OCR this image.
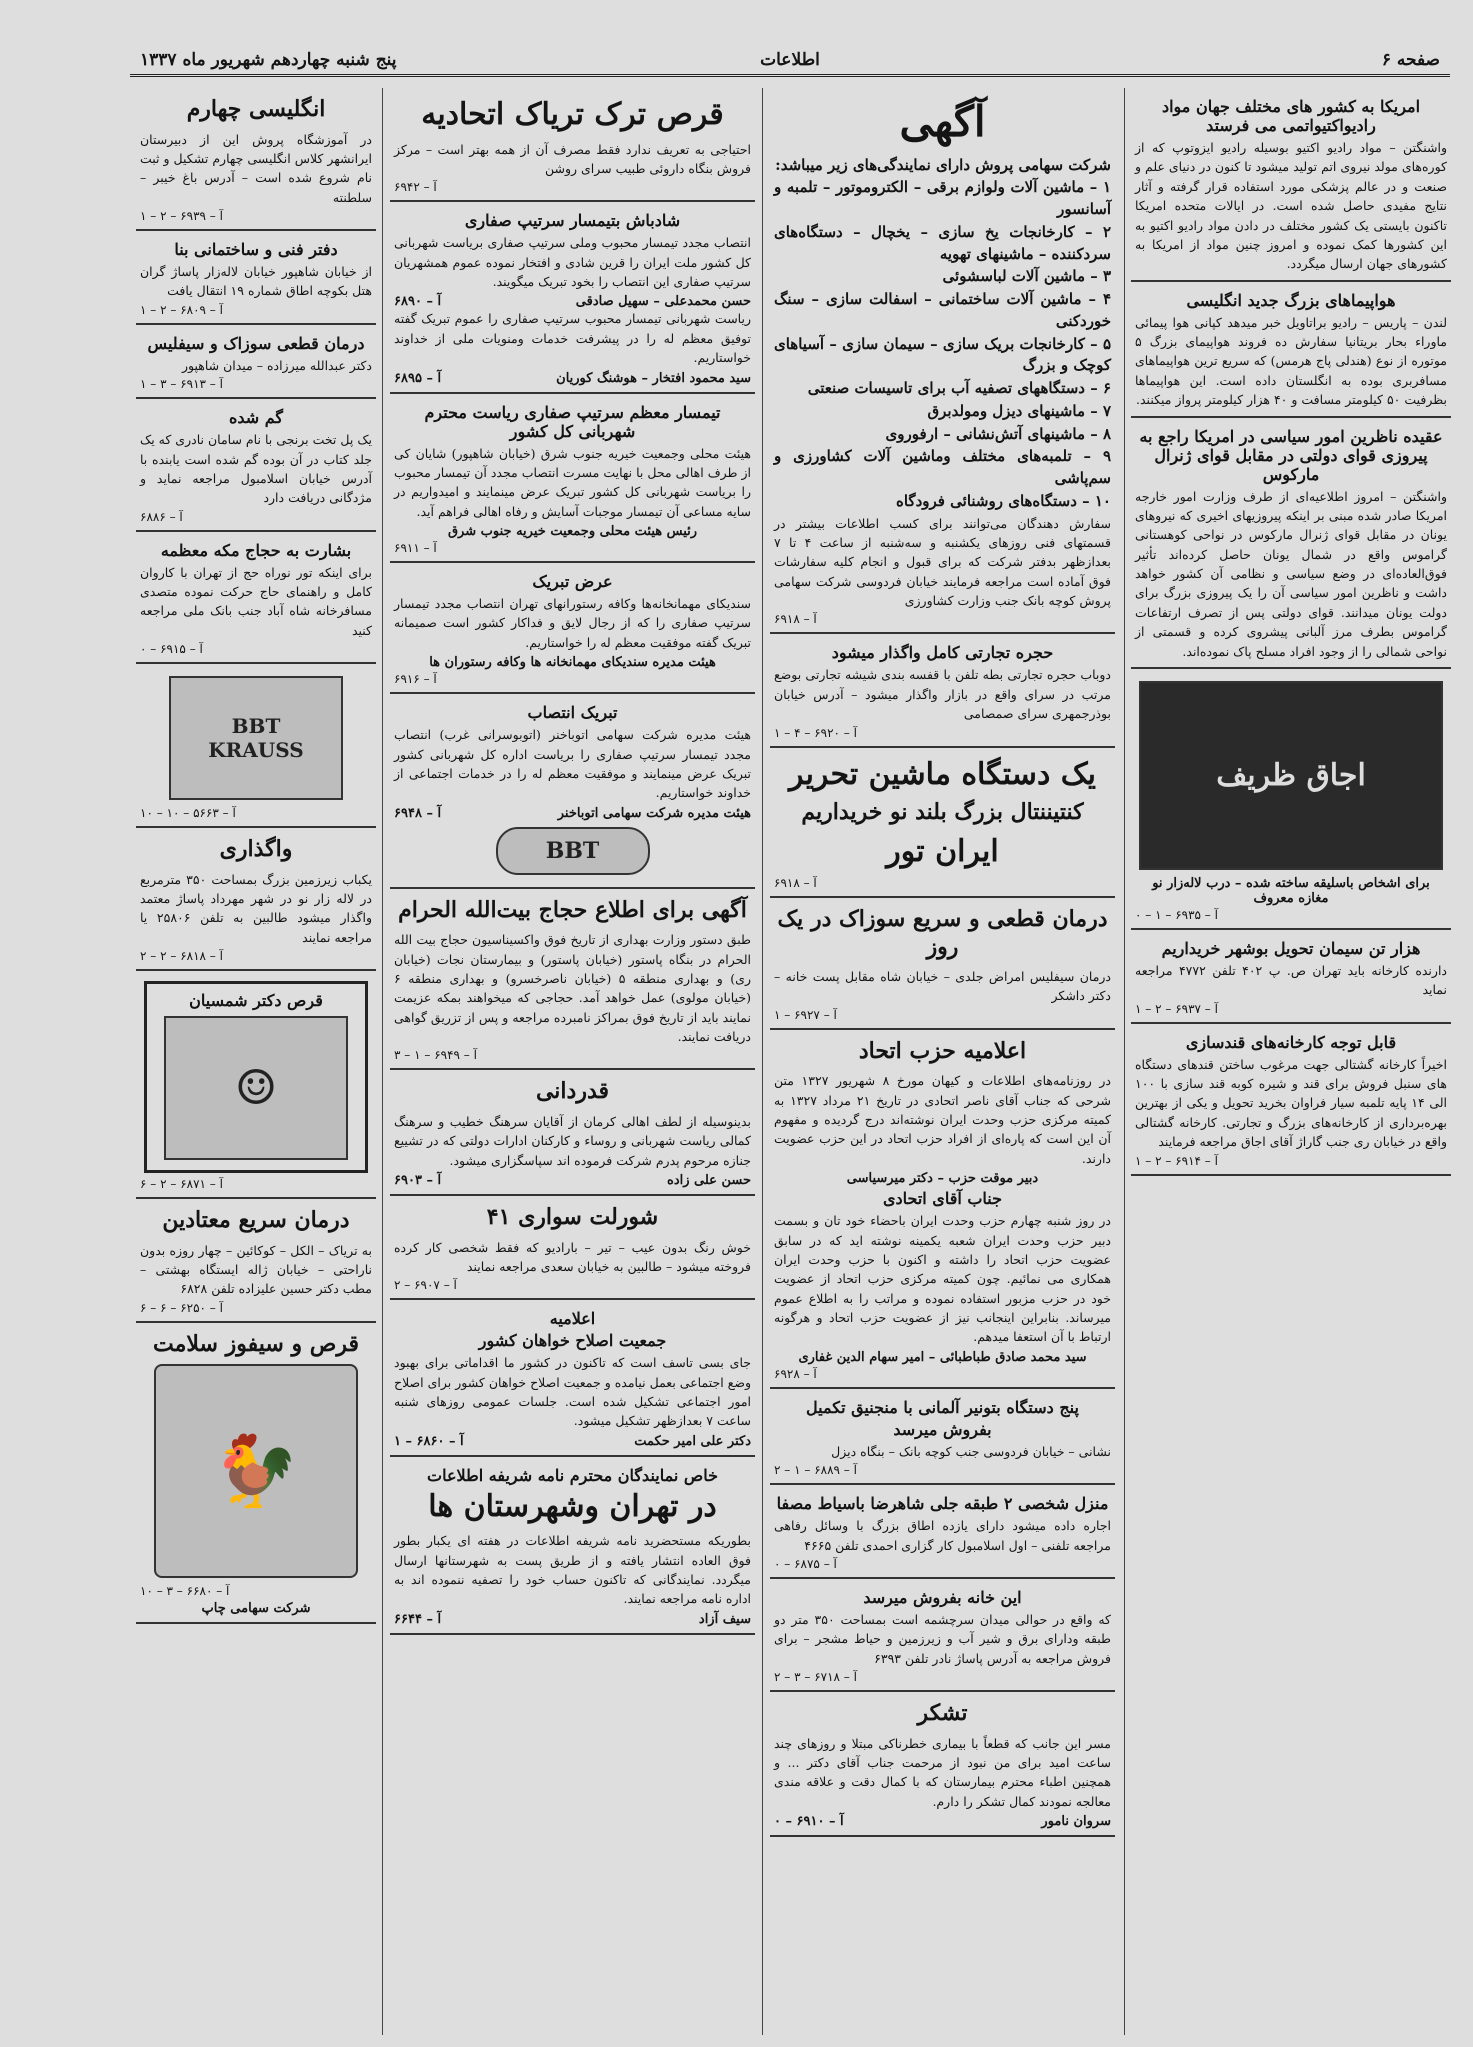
صفحه ۶
اطلاعات
پنج شنبه چهاردهم شهریور ماه ۱۳۳۷
امریکا به کشور های مختلف جهان مواد رادیواکتیواتمی می فرستد

واشنگتن – مواد رادیو اکتیو بوسیله رادیو ایزوتوپ که از کوره‌های مولد نیروی اتم تولید میشود تا کنون در دنیای علم و صنعت و در عالم پزشکی مورد استفاده قرار گرفته و آثار نتایج مفیدی حاصل شده است. در ایالات متحده امریکا تاکنون بایستی یک کشور مختلف در دادن مواد رادیو اکتیو به این کشورها کمک نموده و امروز چنین مواد از امریکا به کشورهای جهان ارسال میگردد.

هواپیماهای بزرگ جدید انگلیسی

لندن – پاریس – رادیو براتاویل خبر میدهد کپانی هوا پیمائی ماوراء بحار بریتانیا سفارش ده فروند هواپیمای بزرگ ۵ موتوره از نوع (هندلی پاج هرمس) که سریع ترین هواپیماهای مسافربری بوده به انگلستان داده است. این هواپیماها بظرفیت ۵۰ کیلومتر مسافت و ۴۰ هزار کیلومتر پرواز میکنند.

عقیده ناظرین امور سیاسی در امریکا راجع به پیروزی قوای دولتی در مقابل قوای ژنرال مارکوس

واشنگتن – امروز اطلاعیه‌ای از طرف وزارت امور خارجه امریکا صادر شده مبنی بر اینکه پیروزیهای اخیری که نیروهای یونان در مقابل قوای ژنرال مارکوس در نواحی کوهستانی گراموس واقع در شمال یونان حاصل کرده‌اند تأثیر فوق‌العاده‌ای در وضع سیاسی و نظامی آن کشور خواهد داشت و ناظرین امور سیاسی آن را یک پیروزی بزرگ برای دولت یونان میدانند. قوای دولتی پس از تصرف ارتفاعات گراموس بطرف مرز آلبانی پیشروی کرده و قسمتی از نواحی شمالی را از وجود افراد مسلح پاک نموده‌اند.

اجاق ظریف
برای اشخاص باسلیقه ساخته شده – درب لاله‌زار نو مغازه معروف
آ – ۶۹۳۵ – ۱ – ۰
هزار تن سیمان تحویل بوشهر خریداریم

دارنده کارخانه باید تهران ص. پ ۴۰۲ تلفن ۴۷۷۲ مراجعه نماید

آ – ۶۹۳۷ – ۲ – ۱
قابل توجه کارخانه‌های قندسازی

اخیراً کارخانه گشتالی جهت مرغوب ساختن قندهای دستگاه های سنبل فروش برای قند و شیره کوبه قند سازی با ۱۰۰ الی ۱۴ پایه تلمبه سیار فراوان بخرید تحویل و یکی از بهترین بهره‌برداری از کارخانه‌های بزرگ و تجارتی. کارخانه گشتالی واقع در خیابان ری جنب گاراژ آقای اجاق مراجعه فرمایند

آ – ۶۹۱۴ – ۲ – ۱
آگهی

شرکت سهامی پروش دارای نمایندگی‌های زیر میباشد:

۱ – ماشین آلات ولوازم برقی – الکتروموتور – تلمبه و آسانسور

۲ – کارخانجات یخ سازی – یخچال – دستگاه‌های سردکننده – ماشینهای تهویه

۳ – ماشین آلات لباسشوئی

۴ – ماشین آلات ساختمانی – اسفالت سازی – سنگ خوردکنی

۵ – کارخانجات بریک سازی – سیمان سازی – آسیاهای کوچک و بزرگ

۶ – دستگاههای تصفیه آب برای تاسیسات صنعتی

۷ – ماشینهای دیزل ومولدبرق

۸ – ماشینهای آتش‌نشانی – ارفوروی

۹ – تلمبه‌های مختلف وماشین آلات کشاورزی و سم‌پاشی

۱۰ – دستگاه‌های روشنائی فرودگاه

سفارش دهندگان می‌توانند برای کسب اطلاعات بیشتر در قسمتهای فنی روزهای یکشنبه و سه‌شنبه از ساعت ۴ تا ۷ بعدازظهر بدفتر شرکت که برای قبول و انجام کلیه سفارشات فوق آماده است مراجعه فرمایند خیابان فردوسی شرکت سهامی پروش کوچه بانک جنب وزارت کشاورزی

آ – ۶۹۱۸
حجره تجارتی کامل واگذار میشود

دوباب حجره تجارتی بطه تلفن با قفسه بندی شیشه تجارتی بوضع مرتب در سرای واقع در بازار واگذار میشود – آدرس خیابان بوذرجمهری سرای صمصامی

آ – ۶۹۲۰ – ۴ – ۱
یک دستگاه ماشین تحریر
کنتیننتال بزرگ بلند نو خریداریم
ایران تور
آ – ۶۹۱۸
درمان قطعی و سریع سوزاک در یک روز

درمان سیفلیس امراض جلدی – خیابان شاه مقابل پست خانه – دکتر داشکر

آ – ۶۹۲۷ – ۱
اعلامیه حزب اتحاد

در روزنامه‌های اطلاعات و کیهان مورخ ۸ شهریور ۱۳۲۷ متن شرحی که جناب آقای ناصر اتحادی در تاریخ ۲۱ مرداد ۱۳۲۷ به کمیته مرکزی حزب وحدت ایران نوشته‌اند درج گردیده و مفهوم آن این است که پاره‌ای از افراد حزب اتحاد در این حزب عضویت دارند.

دبیر موقت حزب – دکتر میرسیاسی
جناب آقای اتحادی

در روز شنبه چهارم حزب وحدت ایران باحضاء خود تان و بسمت دبیر حزب وحدت ایران شعبه یکمینه نوشته اید که در سابق عضویت حزب اتحاد را داشته و اکنون با حزب وحدت ایران همکاری می نمائیم. چون کمیته مرکزی حزب اتحاد از عضویت خود در حزب مزبور استفاده نموده و مراتب را به اطلاع عموم میرساند. بنابراین اینجانب نیز از عضویت حزب اتحاد و هرگونه ارتباط با آن استعفا میدهم.

سید محمد صادق طباطبائی – امیر سهام الدین غفاری
آ – ۶۹۲۸
پنج دستگاه بتونیر آلمانی با منجنیق تکمیل
بفروش میرسد

نشانی – خیابان فردوسی جنب کوچه بانک – بنگاه دیزل

آ – ۶۸۸۹ – ۱ – ۲
منزل شخصی ۲ طبقه جلی شاهرضا باسیاط مصفا

اجاره داده میشود دارای یازده اطاق بزرگ با وسائل رفاهی مراجعه تلفنی – اول اسلامبول کار گزاری احمدی تلفن ۴۶۶۵

آ – ۶۸۷۵ – ۰
این خانه بفروش میرسد

که واقع در حوالی میدان سرچشمه است بمساحت ۳۵۰ متر دو طبقه ودارای برق و شیر آب و زیرزمین و حیاط مشجر – برای فروش مراجعه به آدرس پاساژ نادر تلفن ۶۳۹۳

آ – ۶۷۱۸ – ۳ – ۲
تشکر

مسر این جانب که قطعاً با بیماری خطرناکی مبتلا و روزهای چند ساعت امید برای من نبود از مرحمت جناب آقای دکتر ... و همچنین اطباء محترم بیمارستان که با کمال دقت و علاقه مندی معالجه نمودند کمال تشکر را دارم.

سروان نامور
آ – ۶۹۱۰ – ۰
قرص ترک تریاک اتحادیه

احتیاجی به تعریف ندارد فقط مصرف آن از همه بهتر است – مرکز فروش بنگاه داروئی طبیب سرای روشن

آ – ۶۹۴۲
شادباش بتیمسار سرتیپ صفاری

انتصاب مجدد تیمسار محبوب وملی سرتیپ صفاری بریاست شهربانی کل کشور ملت ایران را قرین شادی و افتخار نموده عموم همشهریان سرتیپ صفاری این انتصاب را بخود تبریک میگویند.

حسن محمدعلی – سهیل صادقی
آ – ۶۸۹۰

ریاست شهربانی تیمسار محبوب سرتیپ صفاری را عموم تبریک گفته توفیق معظم له را در پیشرفت خدمات ومنویات ملی از خداوند خواستاریم.

سید محمود افتخار – هوشنگ کوریان
آ – ۶۸۹۵
تیمسار معظم سرتیپ صفاری ریاست محترم شهربانی کل کشور

هیئت محلی وجمعیت خیریه جنوب شرق (خیابان شاهپور) شایان کی از طرف اهالی محل با نهایت مسرت انتصاب مجدد آن تیمسار محبوب را بریاست شهربانی کل کشور تبریک عرض مینمایند و امیدواریم در سایه مساعی آن تیمسار موجبات آسایش و رفاه اهالی فراهم آید.

رئیس هیئت محلی وجمعیت خیریه جنوب شرق
آ – ۶۹۱۱
عرض تبریک

سندیکای مهمانخانه‌ها وکافه رستورانهای تهران انتصاب مجدد تیمسار سرتیپ صفاری را که از رجال لایق و فداکار کشور است صمیمانه تبریک گفته موفقیت معظم له را خواستاریم.

هیئت مدیره سندیکای مهمانخانه ها وکافه رستوران ها
آ – ۶۹۱۶
تبریک انتصاب

هیئت مدیره شرکت سهامی اتوباخنر (اتوبوسرانی غرب) انتصاب مجدد تیمسار سرتیپ صفاری را بریاست اداره کل شهربانی کشور تبریک عرض مینمایند و موفقیت معظم له را در خدمات اجتماعی از خداوند خواستاریم.

هیئت مدیره شرکت سهامی اتوباخنر
آ – ۶۹۴۸
BBT
آگهی برای اطلاع حجاج بیت‌الله الحرام

طبق دستور وزارت بهداری از تاریخ فوق واکسیناسیون حجاج بیت الله الحرام در بنگاه پاستور (خیابان پاستور) و بیمارستان نجات (خیابان ری) و بهداری منطقه ۵ (خیابان ناصرخسرو) و بهداری منطقه ۶ (خیابان مولوی) عمل خواهد آمد. حجاجی که میخواهند بمکه عزیمت نمایند باید از تاریخ فوق بمراکز نامبرده مراجعه و پس از تزریق گواهی دریافت نمایند.

آ – ۶۹۴۹ – ۱ – ۳
قدردانی

بدینوسیله از لطف اهالی کرمان از آقایان سرهنگ خطیب و سرهنگ کمالی ریاست شهربانی و روساء و کارکنان ادارات دولتی که در تشییع جنازه مرحوم پدرم شرکت فرموده اند سپاسگزاری میشود.

حسن علی زاده
آ – ۶۹۰۳
شورلت سواری ۴۱

خوش رنگ بدون عیب – تیر – بارادیو که فقط شخصی کار کرده فروخته میشود – طالبین به خیابان سعدی مراجعه نمایند

آ – ۶۹۰۷ – ۲
اعلامیه
جمعیت اصلاح خواهان کشور

جای بسی تاسف است که تاکنون در کشور ما اقداماتی برای بهبود وضع اجتماعی بعمل نیامده و جمعیت اصلاح خواهان کشور برای اصلاح امور اجتماعی تشکیل شده است. جلسات عمومی روزهای شنبه ساعت ۷ بعدازظهر تشکیل میشود.

دکتر علی امیر حکمت
آ – ۶۸۶۰ – ۱
خاص نمایندگان محترم نامه شریفه اطلاعات
در تهران وشهرستان ها

بطوریکه مستحضرید نامه شریفه اطلاعات در هفته ای یکبار بطور فوق العاده انتشار یافته و از طریق پست به شهرستانها ارسال میگردد. نمایندگانی که تاکنون حساب خود را تصفیه ننموده اند به اداره نامه مراجعه نمایند.

سیف آزاد
آ – ۶۶۴۴
انگلیسی چهارم

در آموزشگاه پروش این از دبیرستان ایرانشهر کلاس انگلیسی چهارم تشکیل و ثبت نام شروع شده است – آدرس باغ خیبر – سلطنته

آ – ۶۹۳۹ – ۲ – ۱
دفتر فنی و ساختمانی بنا

از خیابان شاهپور خیابان لاله‌زار پاساژ گران هتل بکوچه اطاق شماره ۱۹ انتقال یافت

آ – ۶۸۰۹ – ۲ – ۱
درمان قطعی سوزاک و سیفلیس

دکتر عبدالله میرزاده – میدان شاهپور

آ – ۶۹۱۳ – ۳ – ۱
گم شده

یک پل تخت برنجی با نام سامان نادری که یک جلد کتاب در آن بوده گم شده است یابنده با آدرس خیابان اسلامبول مراجعه نماید و مژدگانی دریافت دارد

آ – ۶۸۸۶
بشارت به حجاج مکه معظمه

برای اینکه تور نوراه حج از تهران با کاروان کامل و راهنمای حاج حرکت نموده متصدی مسافرخانه شاه آباد جنب بانک ملی مراجعه کنید

آ – ۶۹۱۵ – ۰
BBT
KRAUSS
آ – ۵۶۶۳ – ۱۰ – ۱۰
واگذاری

یکباب زیرزمین بزرگ بمساحت ۳۵۰ مترمربع در لاله زار نو در شهر مهرداد پاساژ معتمد واگذار میشود طالبین به تلفن ۲۵۸۰۶ یا مراجعه نمایند

آ – ۶۸۱۸ – ۲ – ۲
قرص دکتر شمسیان
☺
آ – ۶۸۷۱ – ۲ – ۶
درمان سریع معتادین

به تریاک – الکل – کوکائین – چهار روزه بدون ناراحتی – خیابان ژاله ایستگاه بهشتی – مطب دکتر حسین علیزاده تلفن ۶۸۲۸

آ – ۶۲۵۰ – ۶ – ۶
قرص و سیفوز سلامت
🐓
آ – ۶۶۸۰ – ۳ – ۱۰
شرکت سهامی چاپ
